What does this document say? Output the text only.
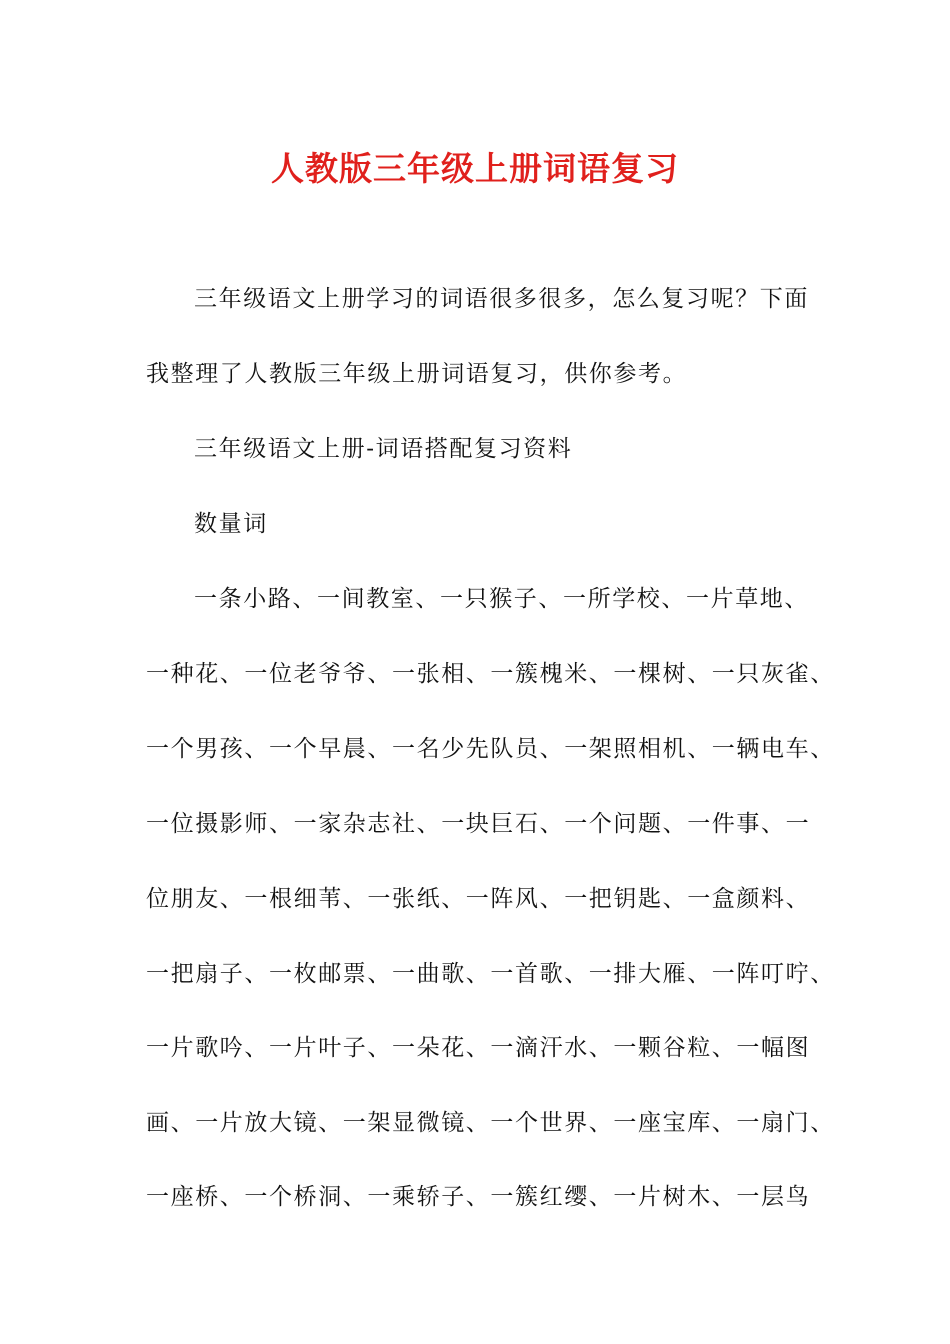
人教版三年级上册词语复习
三年级语文上册学习的词语很多很多，怎么复习呢？下面
我整理了人教版三年级上册词语复习，供你参考。
三年级语文上册-词语搭配复习资料
数量词
一条小路、一间教室、一只猴子、一所学校、一片草地、
一种花、一位老爷爷、一张相、一簇槐米、一棵树、一只灰雀、
一个男孩、一个早晨、一名少先队员、一架照相机、一辆电车、
一位摄影师、一家杂志社、一块巨石、一个问题、一件事、一
位朋友、一根细苇、一张纸、一阵风、一把钥匙、一盒颜料、
一把扇子、一枚邮票、一曲歌、一首歌、一排大雁、一阵叮咛、
一片歌吟、一片叶子、一朵花、一滴汗水、一颗谷粒、一幅图
画、一片放大镜、一架显微镜、一个世界、一座宝库、一扇门、
一座桥、一个桥洞、一乘轿子、一簇红缨、一片树木、一层鸟
